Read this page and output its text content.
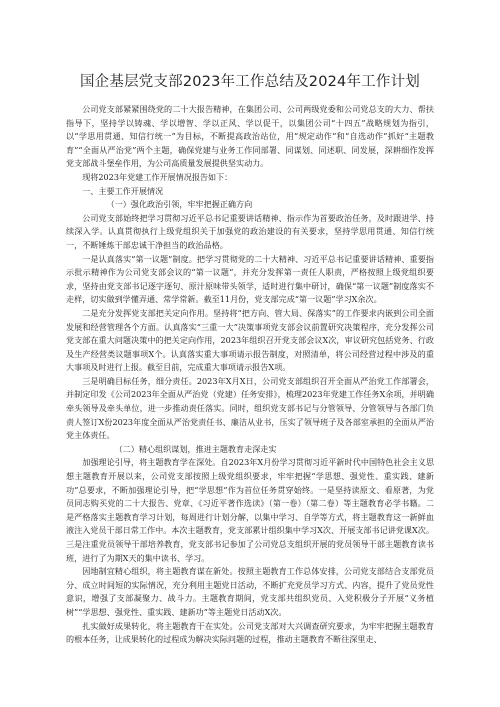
国企基层党支部2023年工作总结及2024年工作计划

公司党支部紧紧围绕党的二十大报告精神，在集团公司、公司两级党委和公司党总支的大力、帮扶指导下，坚持学以铸魂、学以增智、学以正风、学以促干，以集团公司“十四五”战略规划为指引，以“学思用贯通、知信行统一”为目标，不断提高政治站位，用“规定动作”和“自选动作”抓好“主题教育”“全面从严治党”两个主题，确保党建与业务工作同部署、同谋划、同述职、同发展，深耕细作发挥党支部战斗堡垒作用，为公司高质量发展提供坚实动力。

现将2023年党建工作开展情况报告如下：

一、主要工作开展情况

（一）强化政治引领，牢牢把握正确方向

公司党支部始终把学习贯彻习近平总书记重要讲话精神、指示作为首要政治任务，及时跟进学、持续深入学。认真贯彻执行上级党组织关于加强党的政治建设的有关要求，坚持学思用贯通、知信行统一，不断锤炼干部忠诚干净担当的政治品格。

一是认真落实“第一议题”制度。把学习贯彻党的二十大精神、习近平总书记重要讲话精神、重要指示批示精神作为公司党支部会议的“第一议题”，并充分发挥第一责任人职责，严格按照上级党组织要求，坚持由党支部书记逐字逐句、原汁原味带头领学，适时进行集中研讨，确保“第一议题”制度落实不走样，切实做到学懂弄通、常学常新。截至11月份，党支部完成“第一议题”学习X余次。

二是充分发挥党支部把关定向作用。坚持将“把方向、管大局、保落实”的工作要求内嵌到公司全面发展和经营管理各个方面。认真落实“三重一大”决策事项党支部会议前置研究决策程序，充分发挥公司党支部在重大问题决策中的把关定向作用，2023年组织召开党支部会议X次，审议研究包括党务、行政及生产经营类议题事项X个。认真落实重大事项请示报告制度，对照清单，将公司经营过程中涉及的重大事项及时进行上报。截至目前，完成重大事项请示报告X项。

三是明确目标任务，细分责任。2023年X月X日，公司党支部组织召开全面从严治党工作部署会，并制定印发《公司2023年全面从严治党（党建）任务安排》，梳理2023年党建工作任务X余项，并明确牵头领导及牵头单位，进一步推动责任落实。同时，组织党支部书记与分管领导、分管领导与各部门负责人签订X份2023年度全面从严治党责任书、廉洁从业书，压实了领导班子及各部室承担的全面从严治党主体责任。

（二）精心组织谋划，推进主题教育走深走实

加强理论引导，将主题教育学在深处。自2023年X月份学习贯彻习近平新时代中国特色社会主义思想主题教育开展以来，公司党支部按照上级党组织要求，牢牢把握“学思想、强党性、重实践、建新功”总要求，不断加强理论引导，把“学思想”作为首位任务贯穿始终。一是坚持读原文、看原著，为党员同志购买党的二十大报告、党章、《习近平著作选读》（第一卷）（第二卷）等主题教育必学书籍。二是严格落实主题教育学习计划，每周进行计划分解，以集中学习、自学等方式，将主题教育这一新鲜血液注入党员干部日常工作中。本次主题教育，党支部累计组织集中学习X次、开展支部书记讲党课X次。三是注重党员领导干部培养教育，党支部书记参加了公司党总支组织开展的党员领导干部主题教育读书班，进行了为期X天的集中读书、学习。

因地制宜精心组织，将主题教育谋在新处。按照主题教育工作总体安排，公司党支部结合支部党员分、成立时间短的实际情况，充分利用主题党日活动，不断扩充党员学习方式、内容，提升了党员党性意识，增强了支部凝聚力、战斗力。主题教育期间，党支部共组织党员、入党积极分子开展“义务植树”“学思想、强党性、重实践、建新功”等主题党日活动X次。

扎实做好成果转化，将主题教育干在实处。公司党支部对大兴调查研究要求，为牢牢把握主题教育的根本任务，让成果转化的过程成为解决实际问题的过程，推动主题教育不断往深里走、
